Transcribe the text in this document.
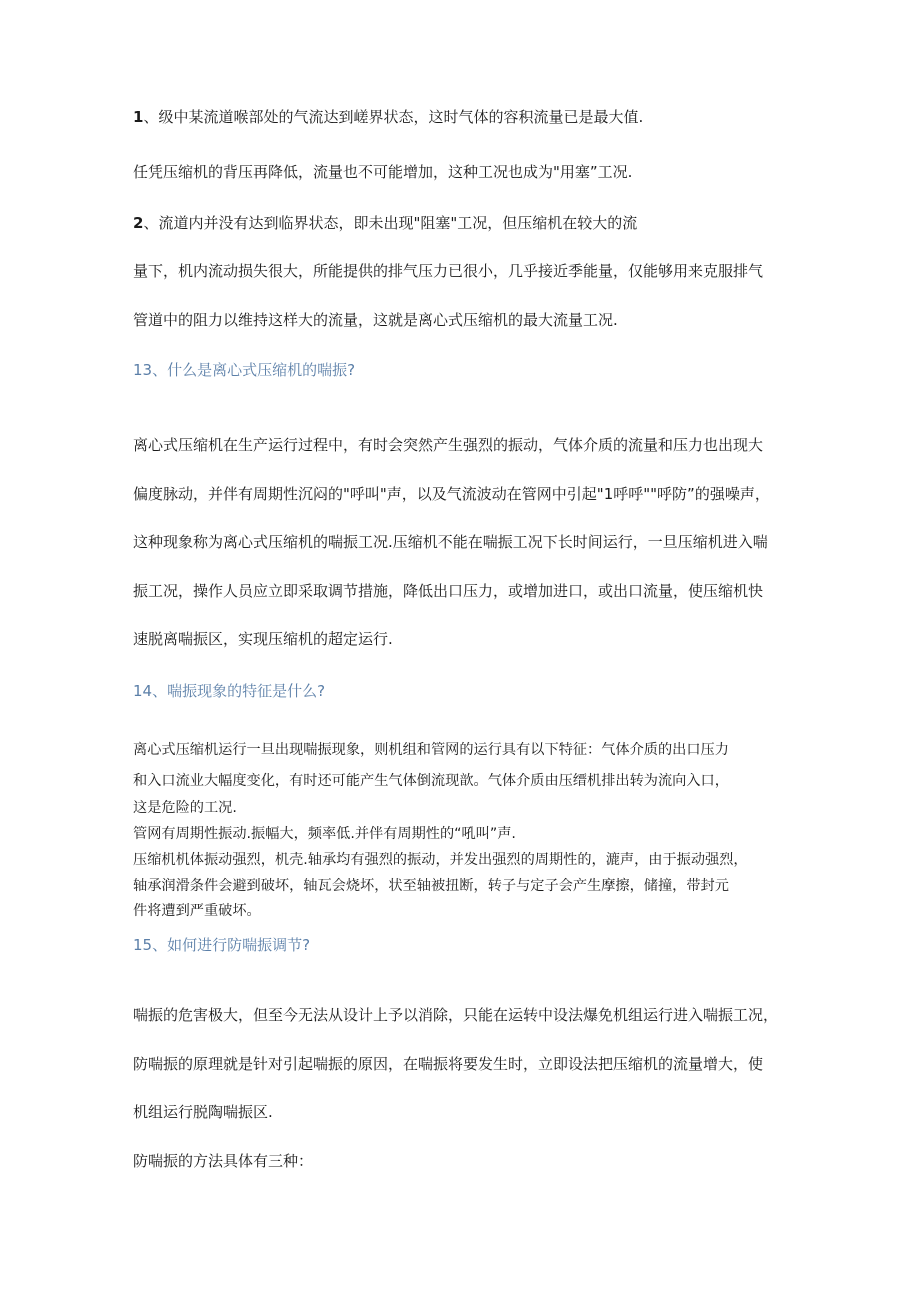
1、级中某流道喉部处的气流达到嵯界状态，这时气体的容积流量已是最大值.

任凭压缩机的背压再降低，流量也不可能增加，这种工况也成为"用塞”工况.

2、流道内并没有达到临界状态，即未出现"阻塞"工况，但压缩机在较大的流

量下，机内流动损失很大，所能提供的排气压力已很小，几乎接近季能量，仅能够用来克服排气

管道中的阻力以维持这样大的流量，这就是离心式压缩机的最大流量工况.

13、什么是离心式压缩机的喘振?

离心式压缩机在生产运行过程中，有时会突然产生强烈的振动，气体介质的流量和压力也出现大

偏度脉动，并伴有周期性沉闷的"呼叫"声，以及气流波动在管网中引起"1呼呼""呼防”的强噪声，

这种现象称为离心式压缩机的喘振工况.压缩机不能在喘振工况下长时间运行，一旦压缩机进入喘

振工况，操作人员应立即采取调节措施，降低出口压力，或增加进口，或出口流量，使压缩机快

速脱离喘振区，实现压缩机的超定运行.

14、喘振现象的特征是什么?

离心式压缩机运行一旦出现喘振现象，则机组和管网的运行具有以下特征：气体介质的出口压力

和入口流业大幅度变化，有时还可能产生气体倒流现歆。气体介质由压缙机排出转为流向入口，

这是危险的工况.

管网有周期性振动.振幅大，频率低.并伴有周期性的“吼叫”声.

压缩机机体振动强烈，机壳.轴承均有强烈的振动，并发出强烈的周期性的，漉声，由于振动强烈，

轴承润滑条件会避到破坏，轴瓦会烧坏，状至轴被扭断，转子与定子会产生摩擦，储撞，带封元

件将遭到严重破坏。

15、如何进行防喘振调节?

喘振的危害极大，但至今无法从设计上予以消除，只能在运转中设法爆免机组运行进入喘振工况，

防喘振的原理就是针对引起喘振的原因，在喘振将要发生时，立即设法把压缩机的流量增大，使

机组运行脱陶喘振区.

防喘振的方法具体有三种：
